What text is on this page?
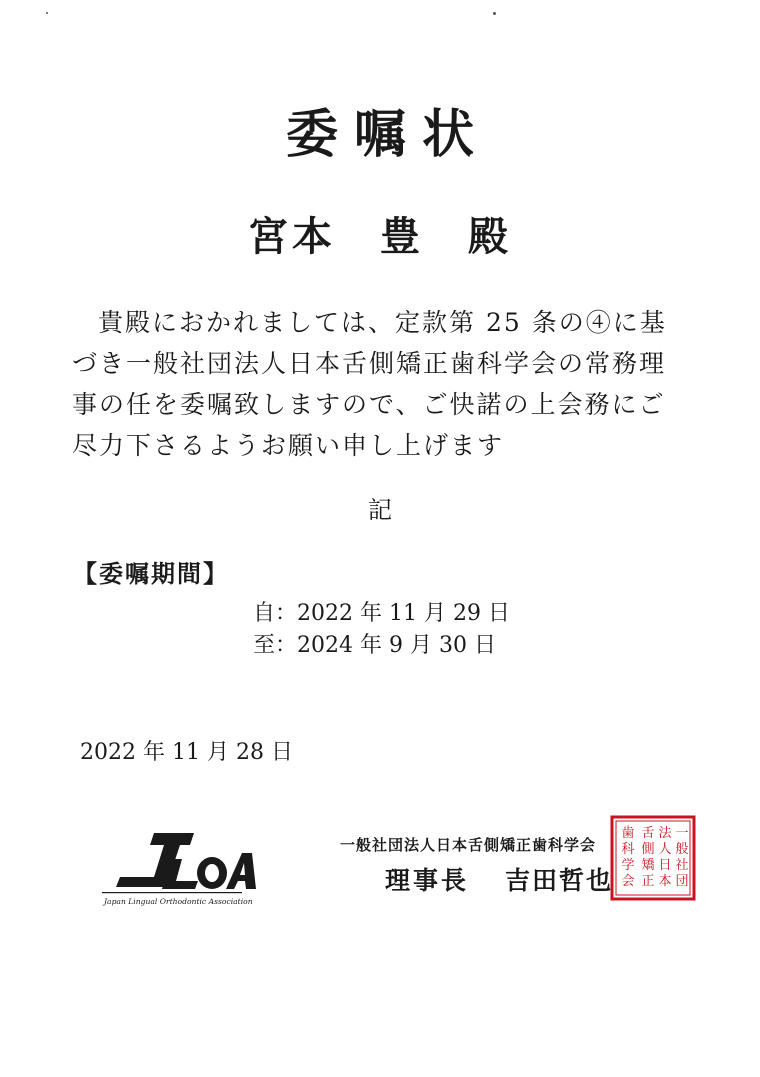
委嘱状
宮本　豊　殿
貴殿におかれましては、定款第 25 条の④に基
づき一般社団法人日本舌側矯正歯科学会の常務理
事の任を委嘱致しますので、ご快諾の上会務にご
尽力下さるようお願い申し上げます
記
【委嘱期間】
自：2022 年 11 月 29 日
至：2024 年 9 月 30 日
2022 年 11 月 28 日
Japan Lingual Orthodontic Association
一般社団法人日本舌側矯正歯科学会
理事長 吉田哲也
一
般
社
団
法
人
日
本
舌
側
矯
正
歯
科
学
会
